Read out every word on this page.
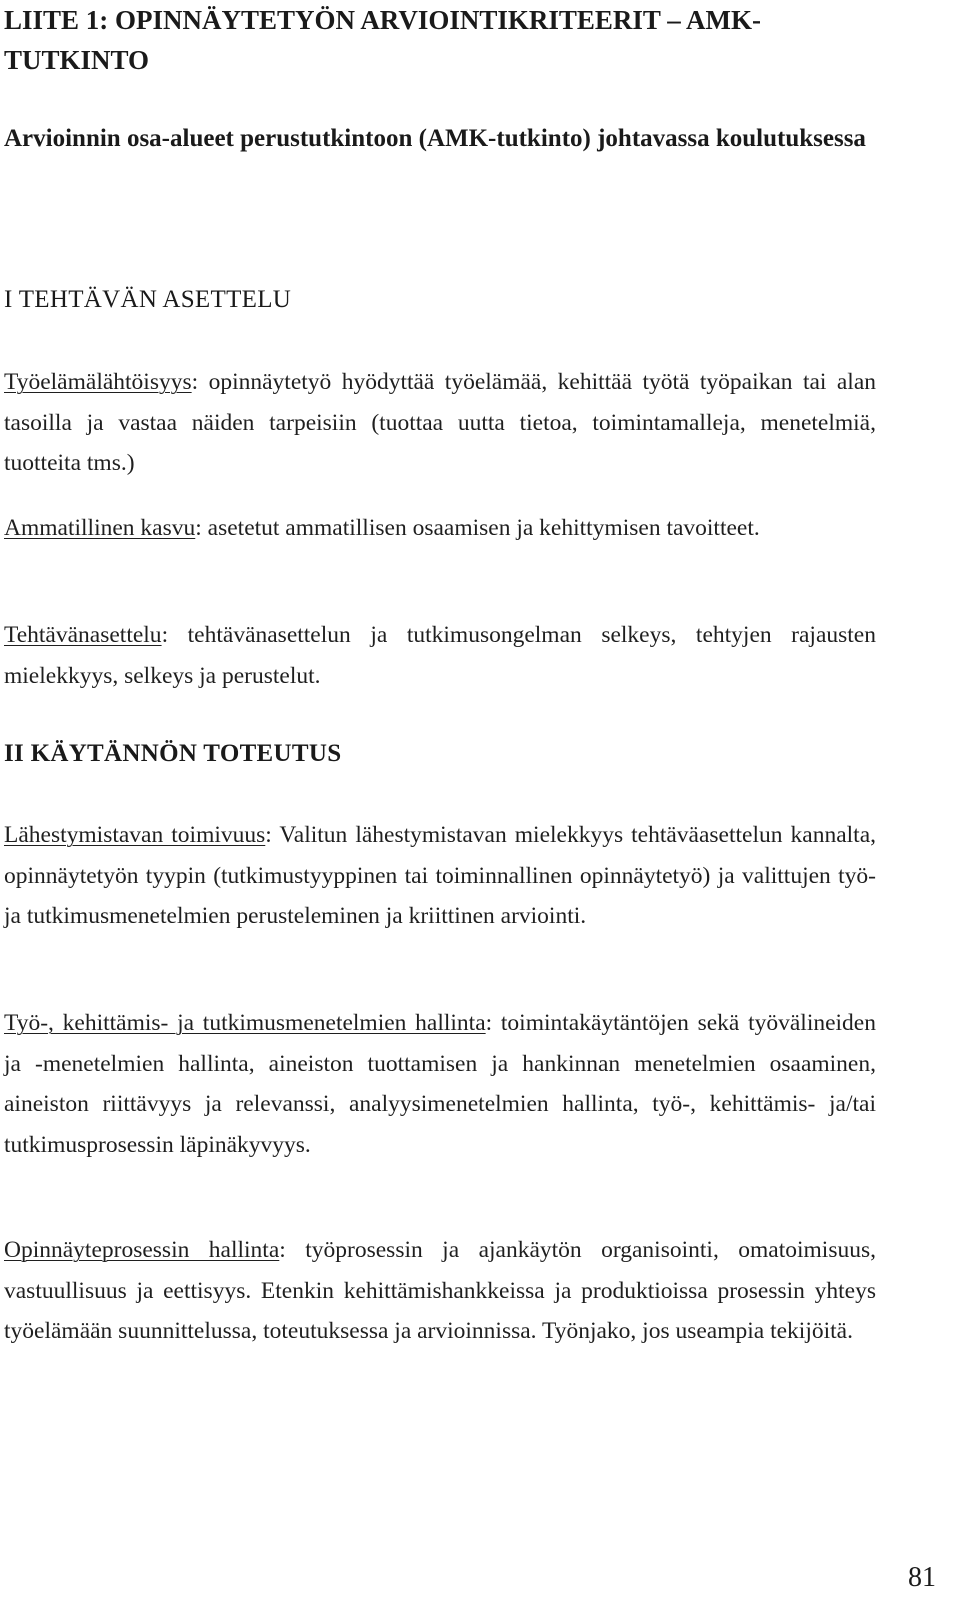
LIITE 1: OPINNÄYTETYÖN ARVIOINTIKRITEERIT – AMK-TUTKINTO
Arvioinnin osa-alueet perustutkintoon (AMK-tutkinto) johtavassa koulutuksessa
I TEHTÄVÄN ASETTELU

Työelämälähtöisyys: opinnäytetyö hyödyttää työelämää, kehittää työtä työpaikan tai alan tasoilla ja vastaa näiden tarpeisiin (tuottaa uutta tietoa, toimintamalleja, menetelmiä, tuotteita tms.)

Ammatillinen kasvu: asetetut ammatillisen osaamisen ja kehittymisen tavoitteet.

Tehtävänasettelu: tehtävänasettelun ja tutkimusongelman selkeys, tehtyjen rajausten mielekkyys, selkeys ja perustelut.

II KÄYTÄNNÖN TOTEUTUS

Lähestymistavan toimivuus: Valitun lähestymistavan mielekkyys tehtäväasettelun kannalta, opinnäytetyön tyypin (tutkimustyyppinen tai toiminnallinen opinnäytetyö) ja valittujen työ- ja tutkimusmenetelmien perusteleminen ja kriittinen arviointi.

Työ-, kehittämis- ja tutkimusmenetelmien hallinta: toimintakäytäntöjen sekä työvälineiden ja -menetelmien hallinta, aineiston tuottamisen ja hankinnan menetelmien osaaminen, aineiston riittävyys ja relevanssi, analyysimenetelmien hallinta, työ-, kehittämis- ja/tai tutkimusprosessin läpinäkyvyys.

Opinnäyteprosessin hallinta: työprosessin ja ajankäytön organisointi, omatoimisuus, vastuullisuus ja eettisyys. Etenkin kehittämishankkeissa ja produktioissa prosessin yhteys työelämään suunnittelussa, toteutuksessa ja arvioinnissa. Työnjako, jos useampia tekijöitä.

81
